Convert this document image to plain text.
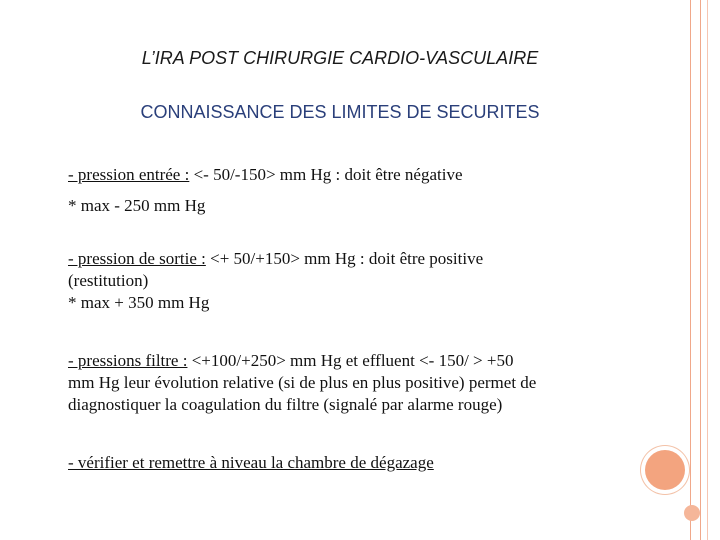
L’IRA POST CHIRURGIE CARDIO-VASCULAIRE
CONNAISSANCE DES LIMITES DE SECURITES
- pression entrée : <- 50/-150> mm Hg : doit être négative
* max - 250 mm Hg
- pression de sortie : <+ 50/+150> mm Hg : doit être positive
(restitution)
* max + 350 mm Hg
- pressions filtre : <+100/+250> mm Hg et effluent <- 150/ > +50
mm Hg leur évolution relative (si de plus en plus positive) permet de
diagnostiquer la coagulation du filtre (signalé par alarme rouge)
- vérifier et remettre à niveau la chambre de dégazage
